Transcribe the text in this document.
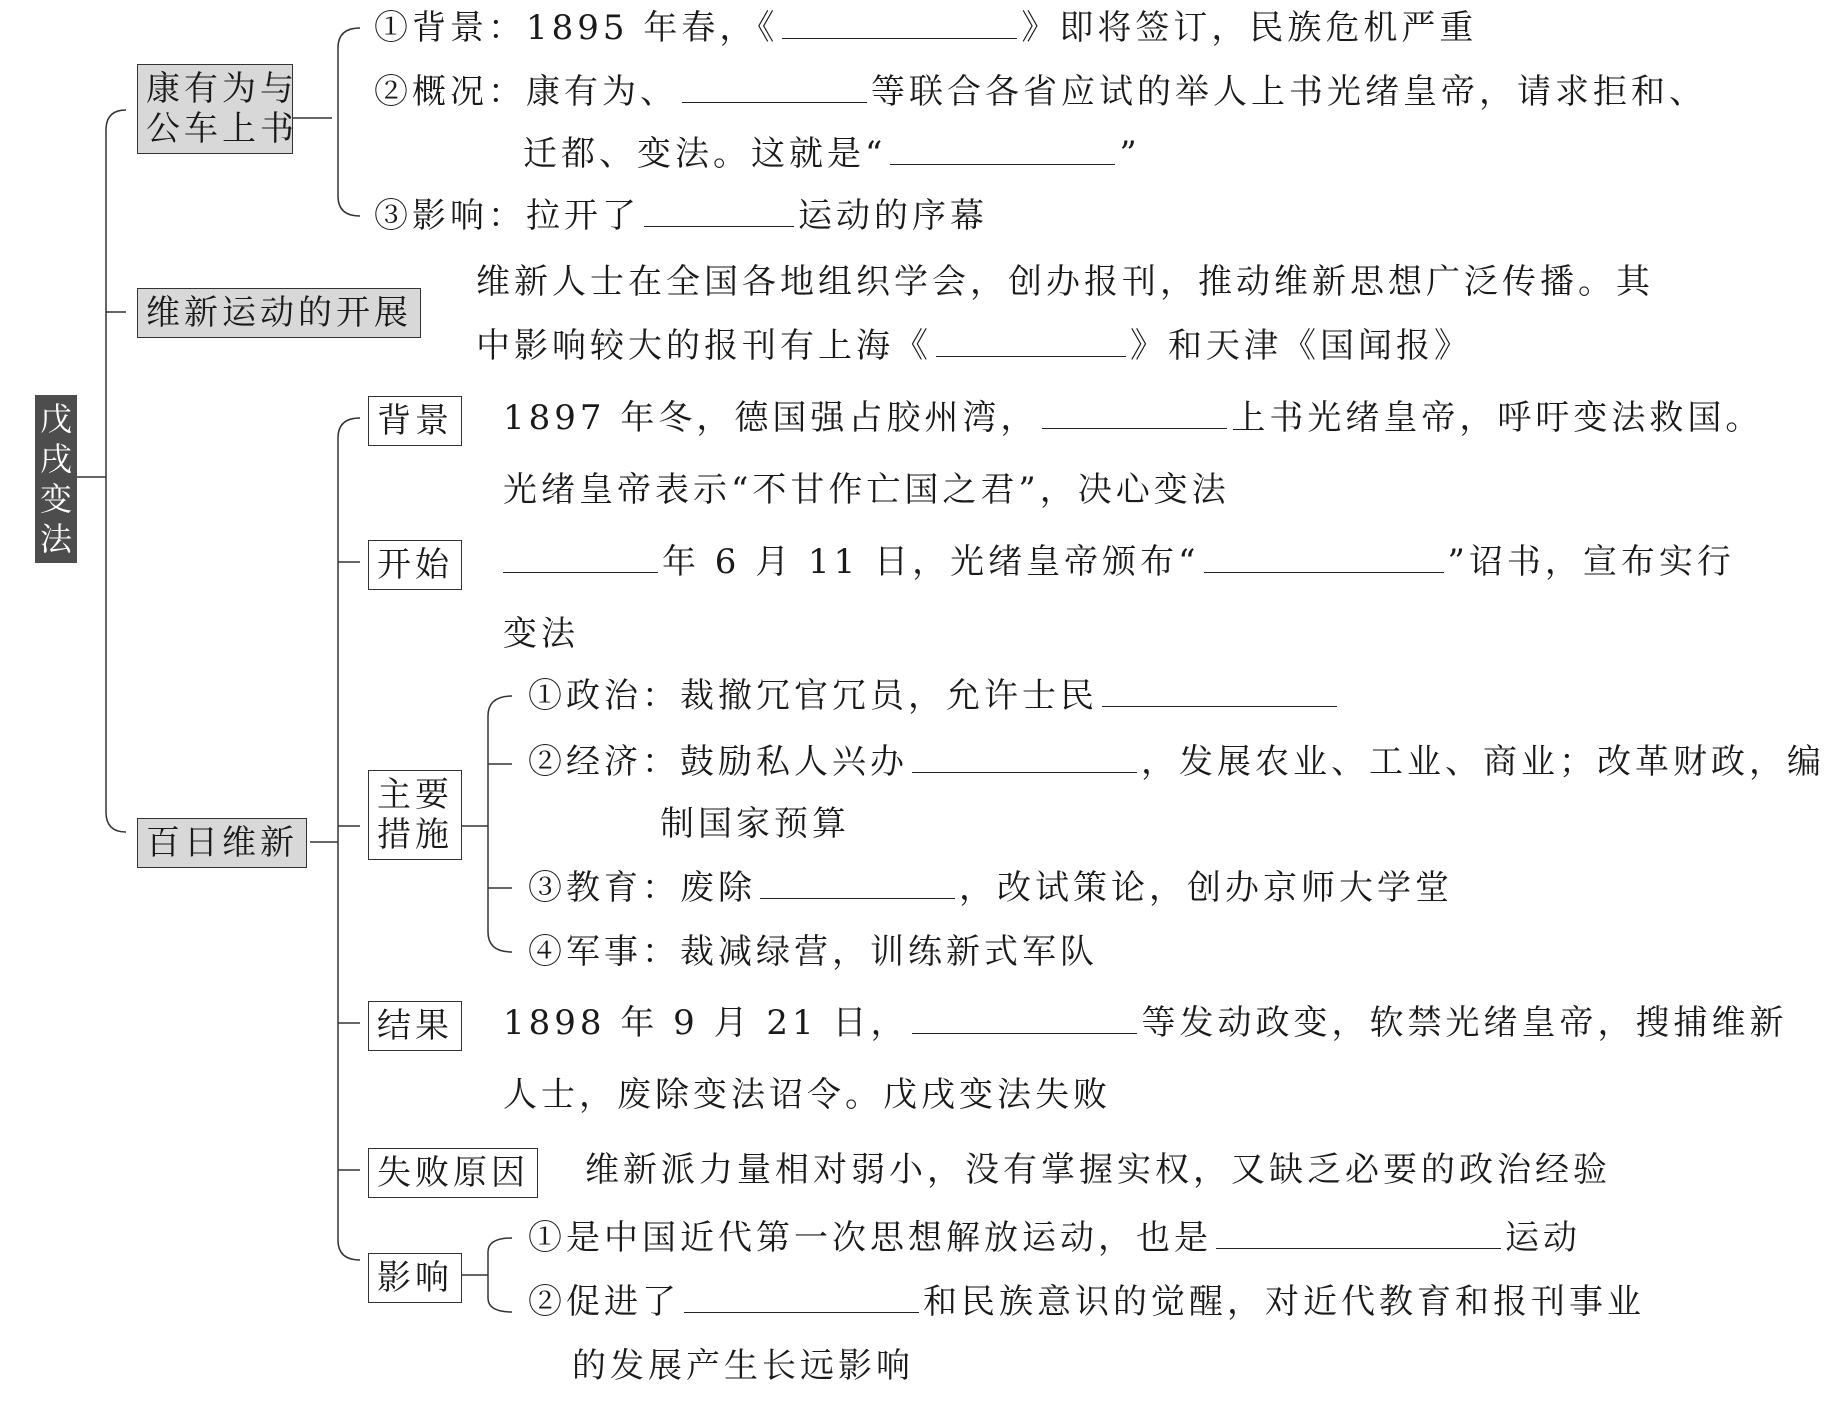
戊
戌
变
法
康有为与
公车上书
①背景：1895 年春，《	》即将签订，民族危机严重
②概况：康有为、	等联合各省应试的举人上书光绪皇帝，请求拒和、
迁都、变法。这就是“	”
③影响：拉开了	运动的序幕
维新运动的开展
维新人士在全国各地组织学会，创办报刊，推动维新思想广泛传播。其
中影响较大的报刊有上海《	》和天津《国闻报》
百日维新
背景 1897 年冬，德国强占胶州湾，	上书光绪皇帝，呼吁变法救国。
光绪皇帝表示“不甘作亡国之君”，决心变法
开始	年 6 月 11 日，光绪皇帝颁布“	”诏书，宣布实行
变法
主要
措施
①政治：裁撤冗官冗员，允许士民
②经济：鼓励私人兴办	，发展农业、工业、商业；改革财政，编
制国家预算
③教育：废除	，改试策论，创办京师大学堂
④军事：裁减绿营，训练新式军队
结果 1898 年 9 月 21 日，	等发动政变，软禁光绪皇帝，搜捕维新
人士，废除变法诏令。戊戌变法失败
失败原因 维新派力量相对弱小，没有掌握实权，又缺乏必要的政治经验
影响
①是中国近代第一次思想解放运动，也是	运动
②促进了	和民族意识的觉醒，对近代教育和报刊事业
的发展产生长远影响
